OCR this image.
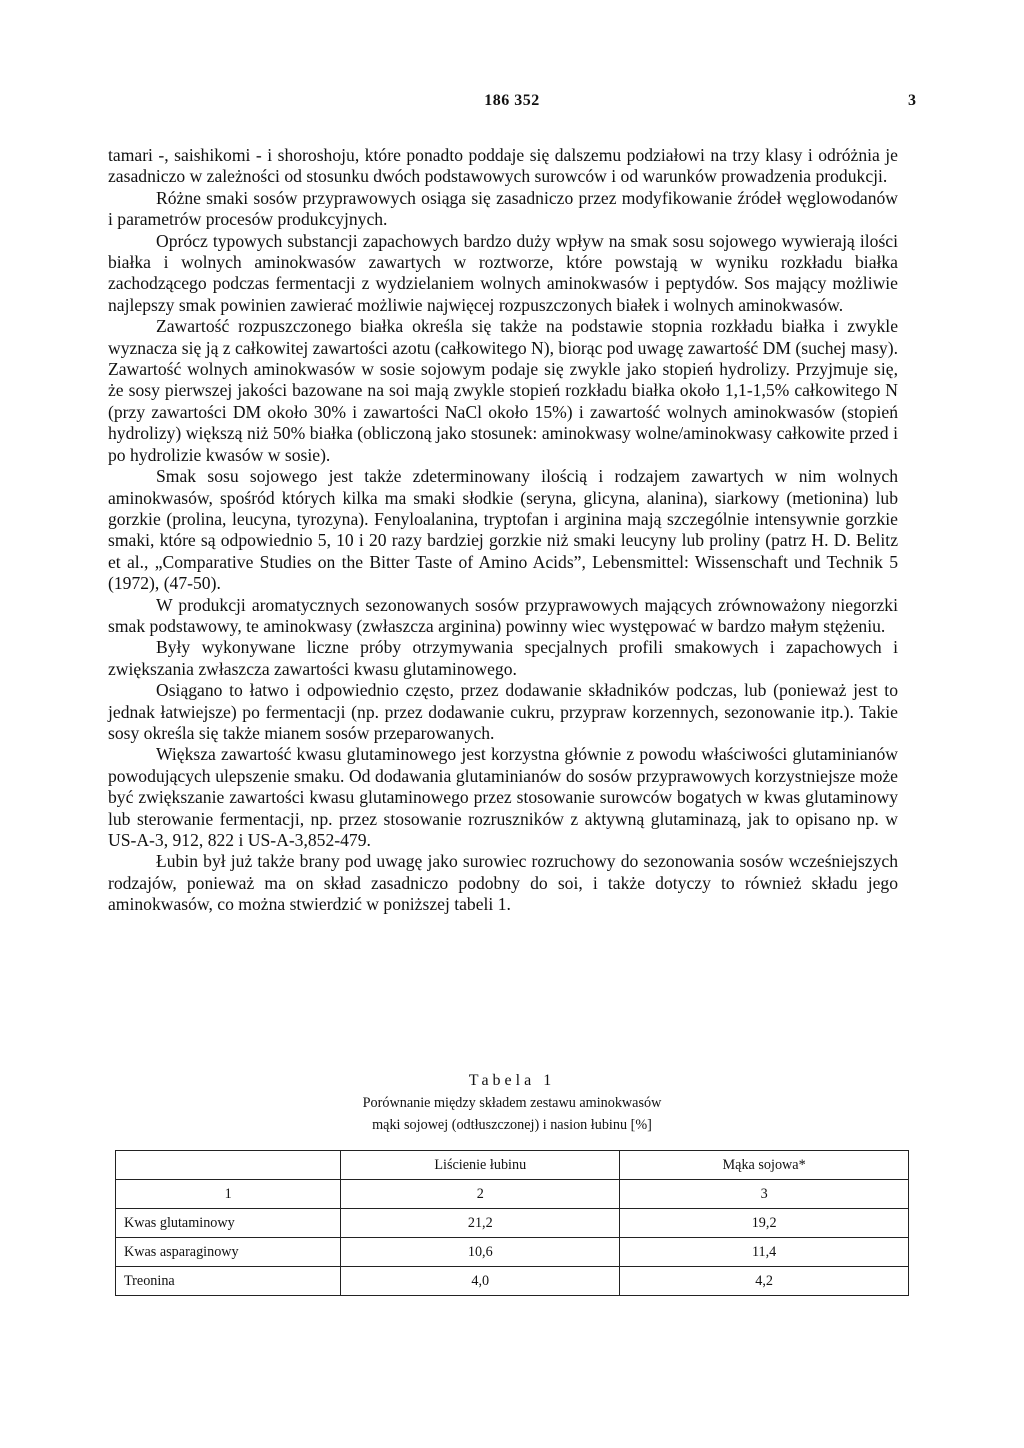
186 352	3

tamari -, saishikomi - i shoroshoju, które ponadto poddaje się dalszemu podziałowi na trzy klasy i odróżnia je zasadniczo w zależności od stosunku dwóch podstawowych surowców i od warunków prowadzenia produkcji.

Różne smaki sosów przyprawowych osiąga się zasadniczo przez modyfikowanie źródeł węglowodanów i parametrów procesów produkcyjnych.

Oprócz typowych substancji zapachowych bardzo duży wpływ na smak sosu sojowego wywierają ilości białka i wolnych aminokwasów zawartych w roztworze, które powstają w wyniku rozkładu białka zachodzącego podczas fermentacji z wydzielaniem wolnych aminokwasów i peptydów. Sos mający możliwie najlepszy smak powinien zawierać możliwie najwięcej rozpuszczonych białek i wolnych aminokwasów.

Zawartość rozpuszczonego białka określa się także na podstawie stopnia rozkładu białka i zwykle wyznacza się ją z całkowitej zawartości azotu (całkowitego N), biorąc pod uwagę zawartość DM (suchej masy). Zawartość wolnych aminokwasów w sosie sojowym podaje się zwykle jako stopień hydrolizy. Przyjmuje się, że sosy pierwszej jakości bazowane na soi mają zwykle stopień rozkładu białka około 1,1-1,5% całkowitego N (przy zawartości DM około 30% i zawartości NaCl około 15%) i zawartość wolnych aminokwasów (stopień hydrolizy) większą niż 50% białka (obliczoną jako stosunek: aminokwasy wolne/aminokwasy całkowite przed i po hydrolizie kwasów w sosie).

Smak sosu sojowego jest także zdeterminowany ilością i rodzajem zawartych w nim wolnych aminokwasów, spośród których kilka ma smaki słodkie (seryna, glicyna, alanina), siarkowy (metionina) lub gorzkie (prolina, leucyna, tyrozyna). Fenyloalanina, tryptofan i arginina mają szczególnie intensywnie gorzkie smaki, które są odpowiednio 5, 10 i 20 razy bardziej gorzkie niż smaki leucyny lub proliny (patrz H. D. Belitz et al., „Comparative Studies on the Bitter Taste of Amino Acids”, Lebensmittel: Wissenschaft und Technik 5 (1972), (47-50).

W produkcji aromatycznych sezonowanych sosów przyprawowych mających zrównoważony niegorzki smak podstawowy, te aminokwasy (zwłaszcza arginina) powinny wiec występować w bardzo małym stężeniu.

Były wykonywane liczne próby otrzymywania specjalnych profili smakowych i zapachowych i zwiększania zwłaszcza zawartości kwasu glutaminowego.

Osiągano to łatwo i odpowiednio często, przez dodawanie składników podczas, lub (ponieważ jest to jednak łatwiejsze) po fermentacji (np. przez dodawanie cukru, przypraw korzennych, sezonowanie itp.). Takie sosy określa się także mianem sosów przeparowanych.

Większa zawartość kwasu glutaminowego jest korzystna głównie z powodu właściwości glutaminianów powodujących ulepszenie smaku. Od dodawania glutaminianów do sosów przyprawowych korzystniejsze może być zwiększanie zawartości kwasu glutaminowego przez stosowanie surowców bogatych w kwas glutaminowy lub sterowanie fermentacji, np. przez stosowanie rozruszników z aktywną glutaminazą, jak to opisano np. w US-A-3, 912, 822 i US-A-3,852-479.

Łubin był już także brany pod uwagę jako surowiec rozruchowy do sezonowania sosów wcześniejszych rodzajów, ponieważ ma on skład zasadniczo podobny do soi, i także dotyczy to również składu jego aminokwasów, co można stwierdzić w poniższej tabeli 1.

Tabela 1
Porównanie między składem zestawu aminokwasów
mąki sojowej (odtłuszczonej) i nasion łubinu [%]
	Liścienie łubinu	Mąka sojowa*
1	2	3
Kwas glutaminowy	21,2	19,2
Kwas asparaginowy	10,6	11,4
Treonina	4,0	4,2
